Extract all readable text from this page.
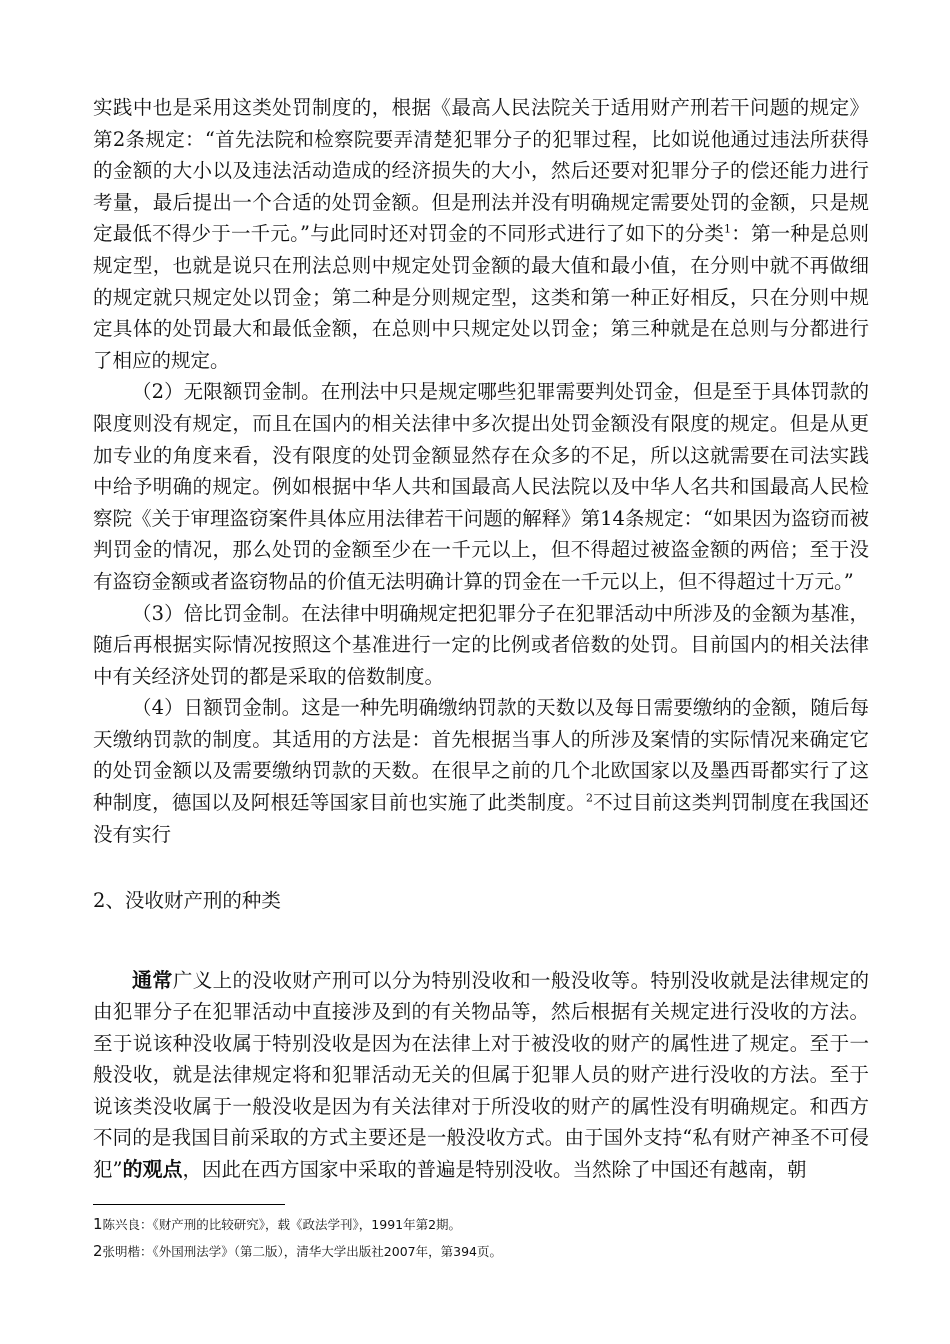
实践中也是采用这类处罚制度的，根据《最高人民法院关于适用财产刑若干问题的规定》第2条规定：“首先法院和检察院要弄清楚犯罪分子的犯罪过程，比如说他通过违法所获得的金额的大小以及违法活动造成的经济损失的大小，然后还要对犯罪分子的偿还能力进行考量，最后提出一个合适的处罚金额。但是刑法并没有明确规定需要处罚的金额，只是规定最低不得少于一千元。”与此同时还对罚金的不同形式进行了如下的分类$^1$：第一种是总则规定型，也就是说只在刑法总则中规定处罚金额的最大值和最小值，在分则中就不再做细的规定就只规定处以罚金；第二种是分则规定型，这类和第一种正好相反，只在分则中规定具体的处罚最大和最低金额，在总则中只规定处以罚金；第三种就是在总则与分都进行了相应的规定。

（2）无限额罚金制。在刑法中只是规定哪些犯罪需要判处罚金，但是至于具体罚款的限度则没有规定，而且在国内的相关法律中多次提出处罚金额没有限度的规定。但是从更加专业的角度来看，没有限度的处罚金额显然存在众多的不足，所以这就需要在司法实践中给予明确的规定。例如根据中华人共和国最高人民法院以及中华人名共和国最高人民检察院《关于审理盗窃案件具体应用法律若干问题的解释》第14条规定：“如果因为盗窃而被判罚金的情况，那么处罚的金额至少在一千元以上，但不得超过被盗金额的两倍；至于没有盗窃金额或者盗窃物品的价值无法明确计算的罚金在一千元以上，但不得超过十万元。”

（3）倍比罚金制。在法律中明确规定把犯罪分子在犯罪活动中所涉及的金额为基准，随后再根据实际情况按照这个基准进行一定的比例或者倍数的处罚。目前国内的相关法律中有关经济处罚的都是采取的倍数制度。

（4）日额罚金制。这是一种先明确缴纳罚款的天数以及每日需要缴纳的金额，随后每天缴纳罚款的制度。其适用的方法是：首先根据当事人的所涉及案情的实际情况来确定它的处罚金额以及需要缴纳罚款的天数。在很早之前的几个北欧国家以及墨西哥都实行了这种制度，德国以及阿根廷等国家目前也实施了此类制度。$^2$不过目前这类判罚制度在我国还没有实行

2、没收财产刑的种类

通常广义上的没收财产刑可以分为特别没收和一般没收等。特别没收就是法律规定的由犯罪分子在犯罪活动中直接涉及到的有关物品等，然后根据有关规定进行没收的方法。至于说该种没收属于特别没收是因为在法律上对于被没收的财产的属性进了规定。至于一般没收，就是法律规定将和犯罪活动无关的但属于犯罪人员的财产进行没收的方法。至于说该类没收属于一般没收是因为有关法律对于所没收的财产的属性没有明确规定。和西方不同的是我国目前采取的方式主要还是一般没收方式。由于国外支持“私有财产神圣不可侵犯”的观点，因此在西方国家中采取的普遍是特别没收。当然除了中国还有越南，朝

1陈兴良：《财产刑的比较研究》，载《政法学刊》，1991年第2期。
2张明楷：《外国刑法学》（第二版），清华大学出版社2007年，第394页。
